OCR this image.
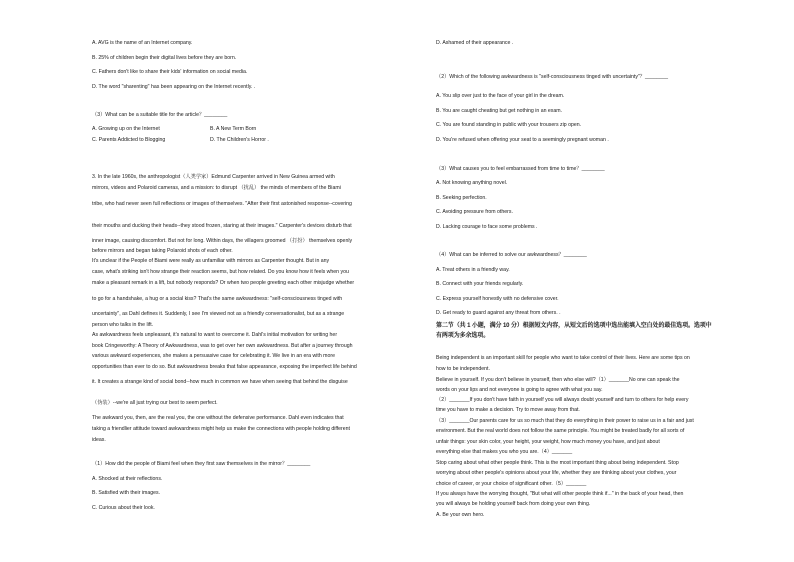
A. AVG is the name of an Internet company.
B. 25% of children begin their digital lives before they are born.
C. Fathers don't like to share their kids' information on social media.
D. The word "sharenting" has been appearing on the Internet recently. .
（3）What can be a suitable title for the article？________
A. Growing up on the Internet	B. A New Term Born
C. Parents Addicted to Blogging	D. The Children's Horror .
3. In the late 1960s, the anthropologist（人类学家）Edmund Carpenter arrived in New Guinea armed with
mirrors, videos and Polaroid cameras, and a mission: to disrupt （扰乱） the minds of members of the Biami
tribe, who had never seen full reflections or images of themselves. "After their first astonished response--covering
their mouths and ducking their heads--they stood frozen, staring at their images." Carpenter's devices disturb that
inner image, causing discomfort. But not for long. Within days, the villagers groomed （打扮） themselves openly
before mirrors and began taking Polaroid shots of each other.
It's unclear if the People of Biami were really as unfamiliar with mirrors as Carpenter thought. But in any
case, what's striking isn't how strange their reaction seems, but how related. Do you know how it feels when you
make a pleasant remark in a lift, but nobody responds? Or when two people greeting each other misjudge whether
to go for a handshake, a hug or a social kiss? That's the same awkwardness: "self-consciousness tinged with
uncertainty", as Dahl defines it. Suddenly, I see I'm viewed not as a friendly conversationalist, but as a strange
person who talks in the lift.
As awkwardness feels unpleasant, it's natural to want to overcome it. Dahl's initial motivation for writing her
book Cringeworthy: A Theory of Awkwardness, was to get over her own awkwardness. But after a journey through
various awkward experiences, she makes a persuasive case for celebrating it. We live in an era with more
opportunities than ever to do so. But awkwardness breaks that false appearance, exposing the imperfect life behind
it. It creates a strange kind of social bond--how much in common we have when seeing that behind the disguise
（伪装）--we're all just trying our best to seem perfect.
The awkward you, then, are the real you, the one without the defensive performance. Dahl even indicates that
taking a friendlier attitude toward awkwardness might help us make the connections with people holding different
ideas.
（1）How did the people of Biami feel when they first saw themselves in the mirror？________
A. Shocked at their reflections.
B. Satisfied with their images.
C. Curious about their look.
D. Ashamed of their appearance .
（2）Which of the following awkwardness is "self-consciousness tinged with uncertainty"？________
A. You slip over just to the face of your girl in the dream.
B. You are caught cheating but get nothing in an exam.
C. You are found standing in public with your trousers zip open.
D. You're refused when offering your seat to a seemingly pregnant woman .
（3）What causes you to feel embarrassed from time to time？________
A. Not knowing anything novel.
B. Seeking perfection.
C. Avoiding pressure from others.
D. Lacking courage to face some problems .
（4）What can be inferred to solve our awkwardness？________
A. Treat others in a friendly way.
B. Connect with your friends regularly.
C. Express yourself honestly with no defensive cover.
D. Get ready to guard against any threat from others. .
第二节（共 1 小题，满分 10 分）根据短文内容，从短文后的选项中选出能填入空白处的最佳选项。选项中
有两项为多余选项。
Being independent is an important skill for people who want to take control of their lives. Here are some tips on
how to be independent.
Believe in yourself. If you don't believe in yourself, then who else will?（1）_______No one can speak the
words on your lips and not everyone is going to agree with what you say.
（2）_______If you don't have faith in yourself you will always doubt yourself and turn to others for help every
time you have to make a decision. Try to move away from that.
（3）_______Our parents care for us so much that they do everything in their power to raise us in a fair and just
environment. But the real world does not follow the same principle. You might be treated badly for all sorts of
unfair things: your skin color, your height, your weight, how much money you have, and just about
everything else that makes you who you are.（4）_______
Stop caring about what other people think. This is the most important thing about being independent. Stop
worrying about other people's opinions about your life, whether they are thinking about your clothes, your
choice of career, or your choice of significant other.（5）_______
If you always have the worrying thought, "But what will other people think if..." in the back of your head, then
you will always be holding yourself back from doing your own thing.
A. Be your own hero.
